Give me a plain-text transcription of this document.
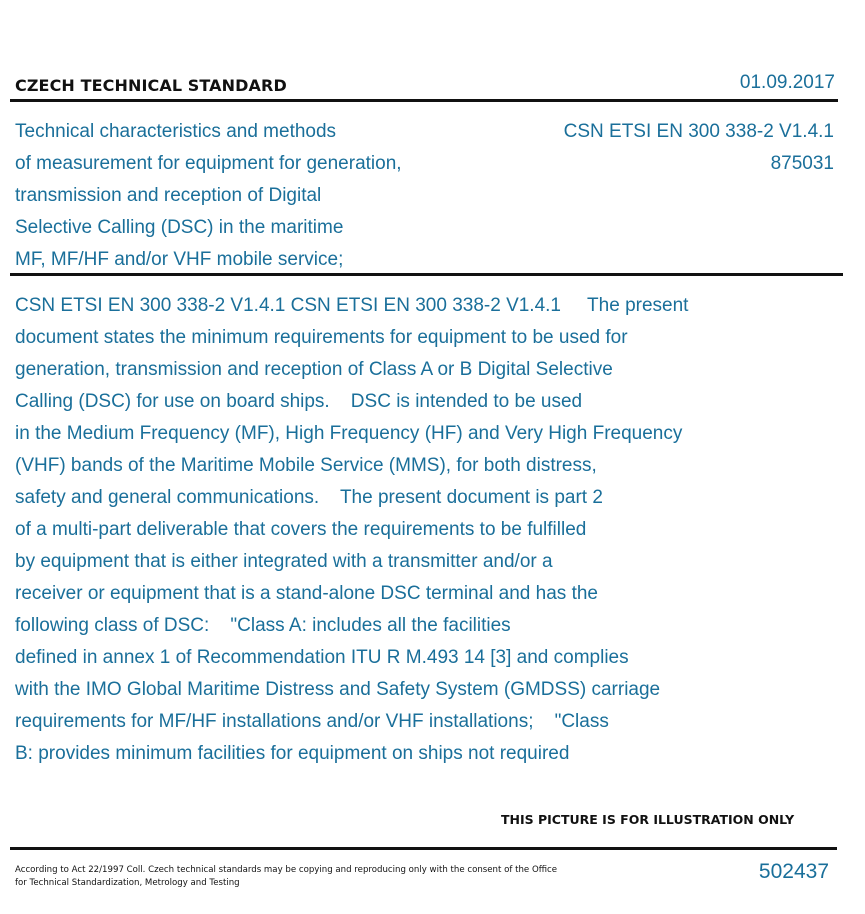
CZECH TECHNICAL STANDARD	01.09.2017
Technical characteristics and methods
of measurement for equipment for generation,
transmission and reception of Digital
Selective Calling (DSC) in the maritime
MF, MF/HF and/or VHF mobile service;
CSN ETSI EN 300 338-2 V1.4.1
875031
CSN ETSI EN 300 338-2 V1.4.1 CSN ETSI EN 300 338-2 V1.4.1     The present
document states the minimum requirements for equipment to be used for
generation, transmission and reception of Class A or B Digital Selective
Calling (DSC) for use on board ships.    DSC is intended to be used
in the Medium Frequency (MF), High Frequency (HF) and Very High Frequency
(VHF) bands of the Maritime Mobile Service (MMS), for both distress,
safety and general communications.    The present document is part 2
of a multi-part deliverable that covers the requirements to be fulfilled
by equipment that is either integrated with a transmitter and/or a
receiver or equipment that is a stand-alone DSC terminal and has the
following class of DSC:    "Class A: includes all the facilities
defined in annex 1 of Recommendation ITU R M.493 14 [3] and complies
with the IMO Global Maritime Distress and Safety System (GMDSS) carriage
requirements for MF/HF installations and/or VHF installations;    "Class
B: provides minimum facilities for equipment on ships not required
THIS PICTURE IS FOR ILLUSTRATION ONLY
According to Act 22/1997 Coll. Czech technical standards may be copying and reproducing only with the consent of the Office
for Technical Standardization, Metrology and Testing	502437
